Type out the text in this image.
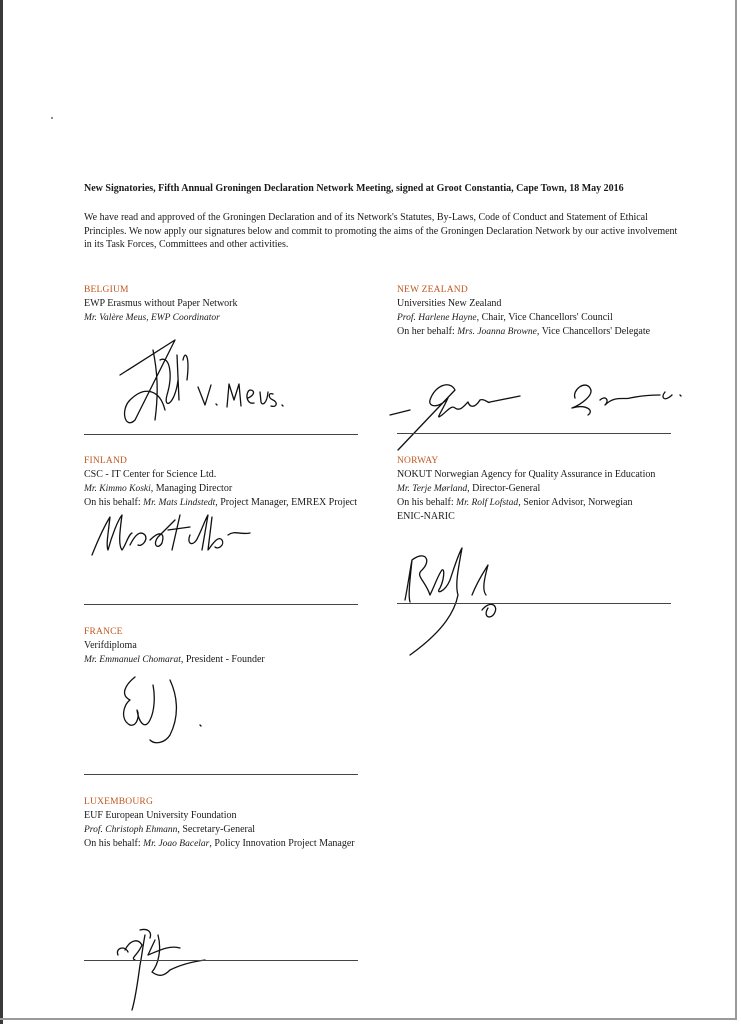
New Signatories, Fifth Annual Groningen Declaration Network Meeting, signed at Groot Constantia, Cape Town, 18 May 2016
We have read and approved of the Groningen Declaration and of its Network's Statutes, By-Laws, Code of Conduct and Statement of Ethical Principles. We now apply our signatures below and commit to promoting the aims of the Groningen Declaration Network by our active involvement in its Task Forces, Committees and other activities.
BELGIUM
EWP Erasmus without Paper Network
Mr. Valère Meus, EWP Coordinator
NEW ZEALAND
Universities New Zealand
Prof. Harlene Hayne, Chair, Vice Chancellors' Council
On her behalf: Mrs. Joanna Browne, Vice Chancellors' Delegate
FINLAND
CSC - IT Center for Science Ltd.
Mr. Kimmo Koski, Managing Director
On his behalf: Mr. Mats Lindstedt, Project Manager, EMREX Project
NORWAY
NOKUT Norwegian Agency for Quality Assurance in Education
Mr. Terje Mørland, Director-General
On his behalf: Mr. Rolf Lofstad, Senior Advisor, Norwegian
ENIC-NARIC
FRANCE
Verifdiploma
Mr. Emmanuel Chomarat, President - Founder
LUXEMBOURG
EUF European University Foundation
Prof. Christoph Ehmann, Secretary-General
On his behalf: Mr. Joao Bacelar, Policy Innovation Project Manager
